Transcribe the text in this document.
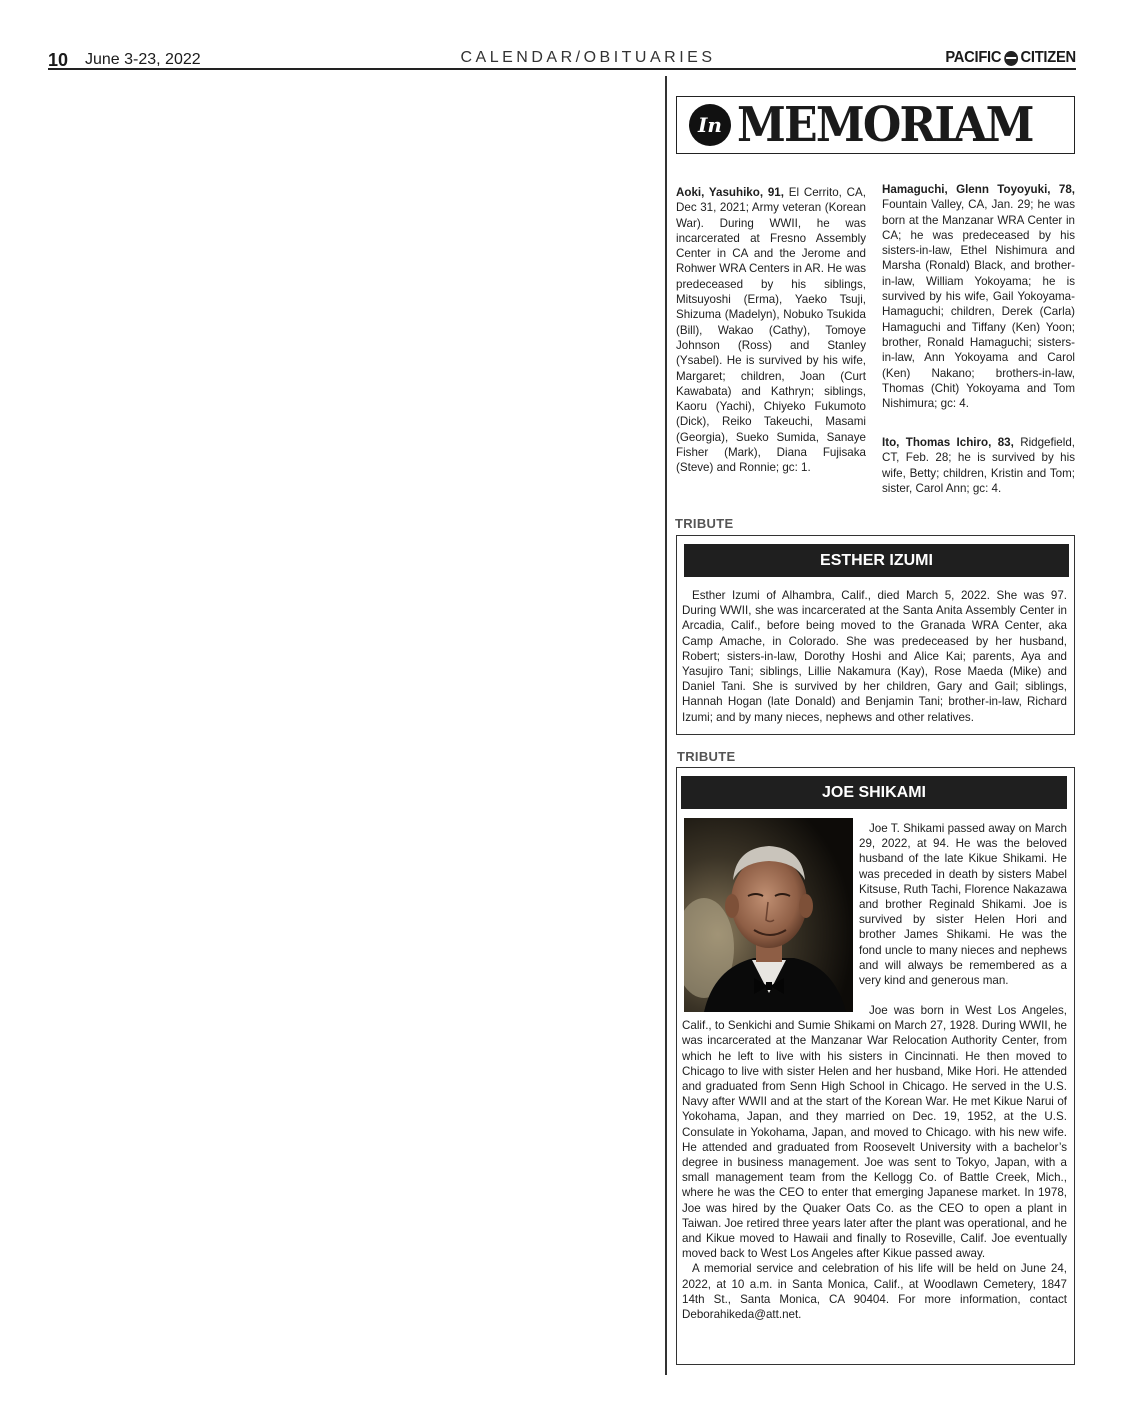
10 June 3-23, 2022	CALENDAR/OBITUARIES	PACIFIC CITIZEN
In MEMORIAM
Aoki, Yasuhiko, 91, El Cerrito, CA, Dec 31, 2021; Army veteran (Korean War). During WWII, he was incarcerated at Fresno Assembly Center in CA and the Jerome and Rohwer WRA Centers in AR. He was predeceased by his siblings, Mitsuyoshi (Erma), Yaeko Tsuji, Shizuma (Madelyn), Nobuko Tsukida (Bill), Wakao (Cathy), Tomoye Johnson (Ross) and Stanley (Ysabel). He is survived by his wife, Margaret; children, Joan (Curt Kawabata) and Kathryn; siblings, Kaoru (Yachi), Chiyeko Fukumoto (Dick), Reiko Takeuchi, Masami (Georgia), Sueko Sumida, Sanaye Fisher (Mark), Diana Fujisaka (Steve) and Ronnie; gc: 1.
Hamaguchi, Glenn Toyoyuki, 78, Fountain Valley, CA, Jan. 29; he was born at the Manzanar WRA Center in CA; he was predeceased by his sisters-in-law, Ethel Nishimura and Marsha (Ronald) Black, and brother-in-law, William Yokoyama; he is survived by his wife, Gail Yokoyama-Hamaguchi; children, Derek (Carla) Hamaguchi and Tiffany (Ken) Yoon; brother, Ronald Hamaguchi; sisters-in-law, Ann Yokoyama and Carol (Ken) Nakano; brothers-in-law, Thomas (Chit) Yokoyama and Tom Nishimura; gc: 4.
Ito, Thomas Ichiro, 83, Ridgefield, CT, Feb. 28; he is survived by his wife, Betty; children, Kristin and Tom; sister, Carol Ann; gc: 4.
TRIBUTE
ESTHER IZUMI

Esther Izumi of Alhambra, Calif., died March 5, 2022. She was 97. During WWII, she was incarcerated at the Santa Anita Assembly Center in Arcadia, Calif., before being moved to the Granada WRA Center, aka Camp Amache, in Colorado. She was predeceased by her husband, Robert; sisters-in-law, Dorothy Hoshi and Alice Kai; parents, Aya and Yasujiro Tani; siblings, Lillie Nakamura (Kay), Rose Maeda (Mike) and Daniel Tani. She is survived by her children, Gary and Gail; siblings, Hannah Hogan (late Donald) and Benjamin Tani; brother-in-law, Richard Izumi; and by many nieces, nephews and other relatives.

TRIBUTE
JOE SHIKAMI

Joe T. Shikami passed away on March 29, 2022, at 94. He was the beloved husband of the late Kikue Shikami. He was preceded in death by sisters Mabel Kitsuse, Ruth Tachi, Florence Nakazawa and brother Reginald Shikami. Joe is survived by sister Helen Hori and brother James Shikami. He was the fond uncle to many nieces and nephews and will always be remembered as a very kind and generous man.

Joe was born in West Los Angeles, Calif., to Senkichi and Sumie Shikami on March 27, 1928. During WWII, he was incarcerated at the Manzanar War Relocation Authority Center, from which he left to live with his sisters in Cincinnati. He then moved to Chicago to live with sister Helen and her husband, Mike Hori. He attended and graduated from Senn High School in Chicago. He served in the U.S. Navy after WWII and at the start of the Korean War. He met Kikue Narui of Yokohama, Japan, and they married on Dec. 19, 1952, at the U.S. Consulate in Yokohama, Japan, and moved to Chicago. with his new wife. He attended and graduated from Roosevelt University with a bachelor’s degree in business management. Joe was sent to Tokyo, Japan, with a small management team from the Kellogg Co. of Battle Creek, Mich., where he was the CEO to enter that emerging Japanese market. In 1978, Joe was hired by the Quaker Oats Co. as the CEO to open a plant in Taiwan. Joe retired three years later after the plant was operational, and he and Kikue moved to Hawaii and finally to Roseville, Calif. Joe eventually moved back to West Los Angeles after Kikue passed away.

A memorial service and celebration of his life will be held on June 24, 2022, at 10 a.m. in Santa Monica, Calif., at Woodlawn Cemetery, 1847 14th St., Santa Monica, CA 90404. For more information, contact Deborahikeda@att.net.
